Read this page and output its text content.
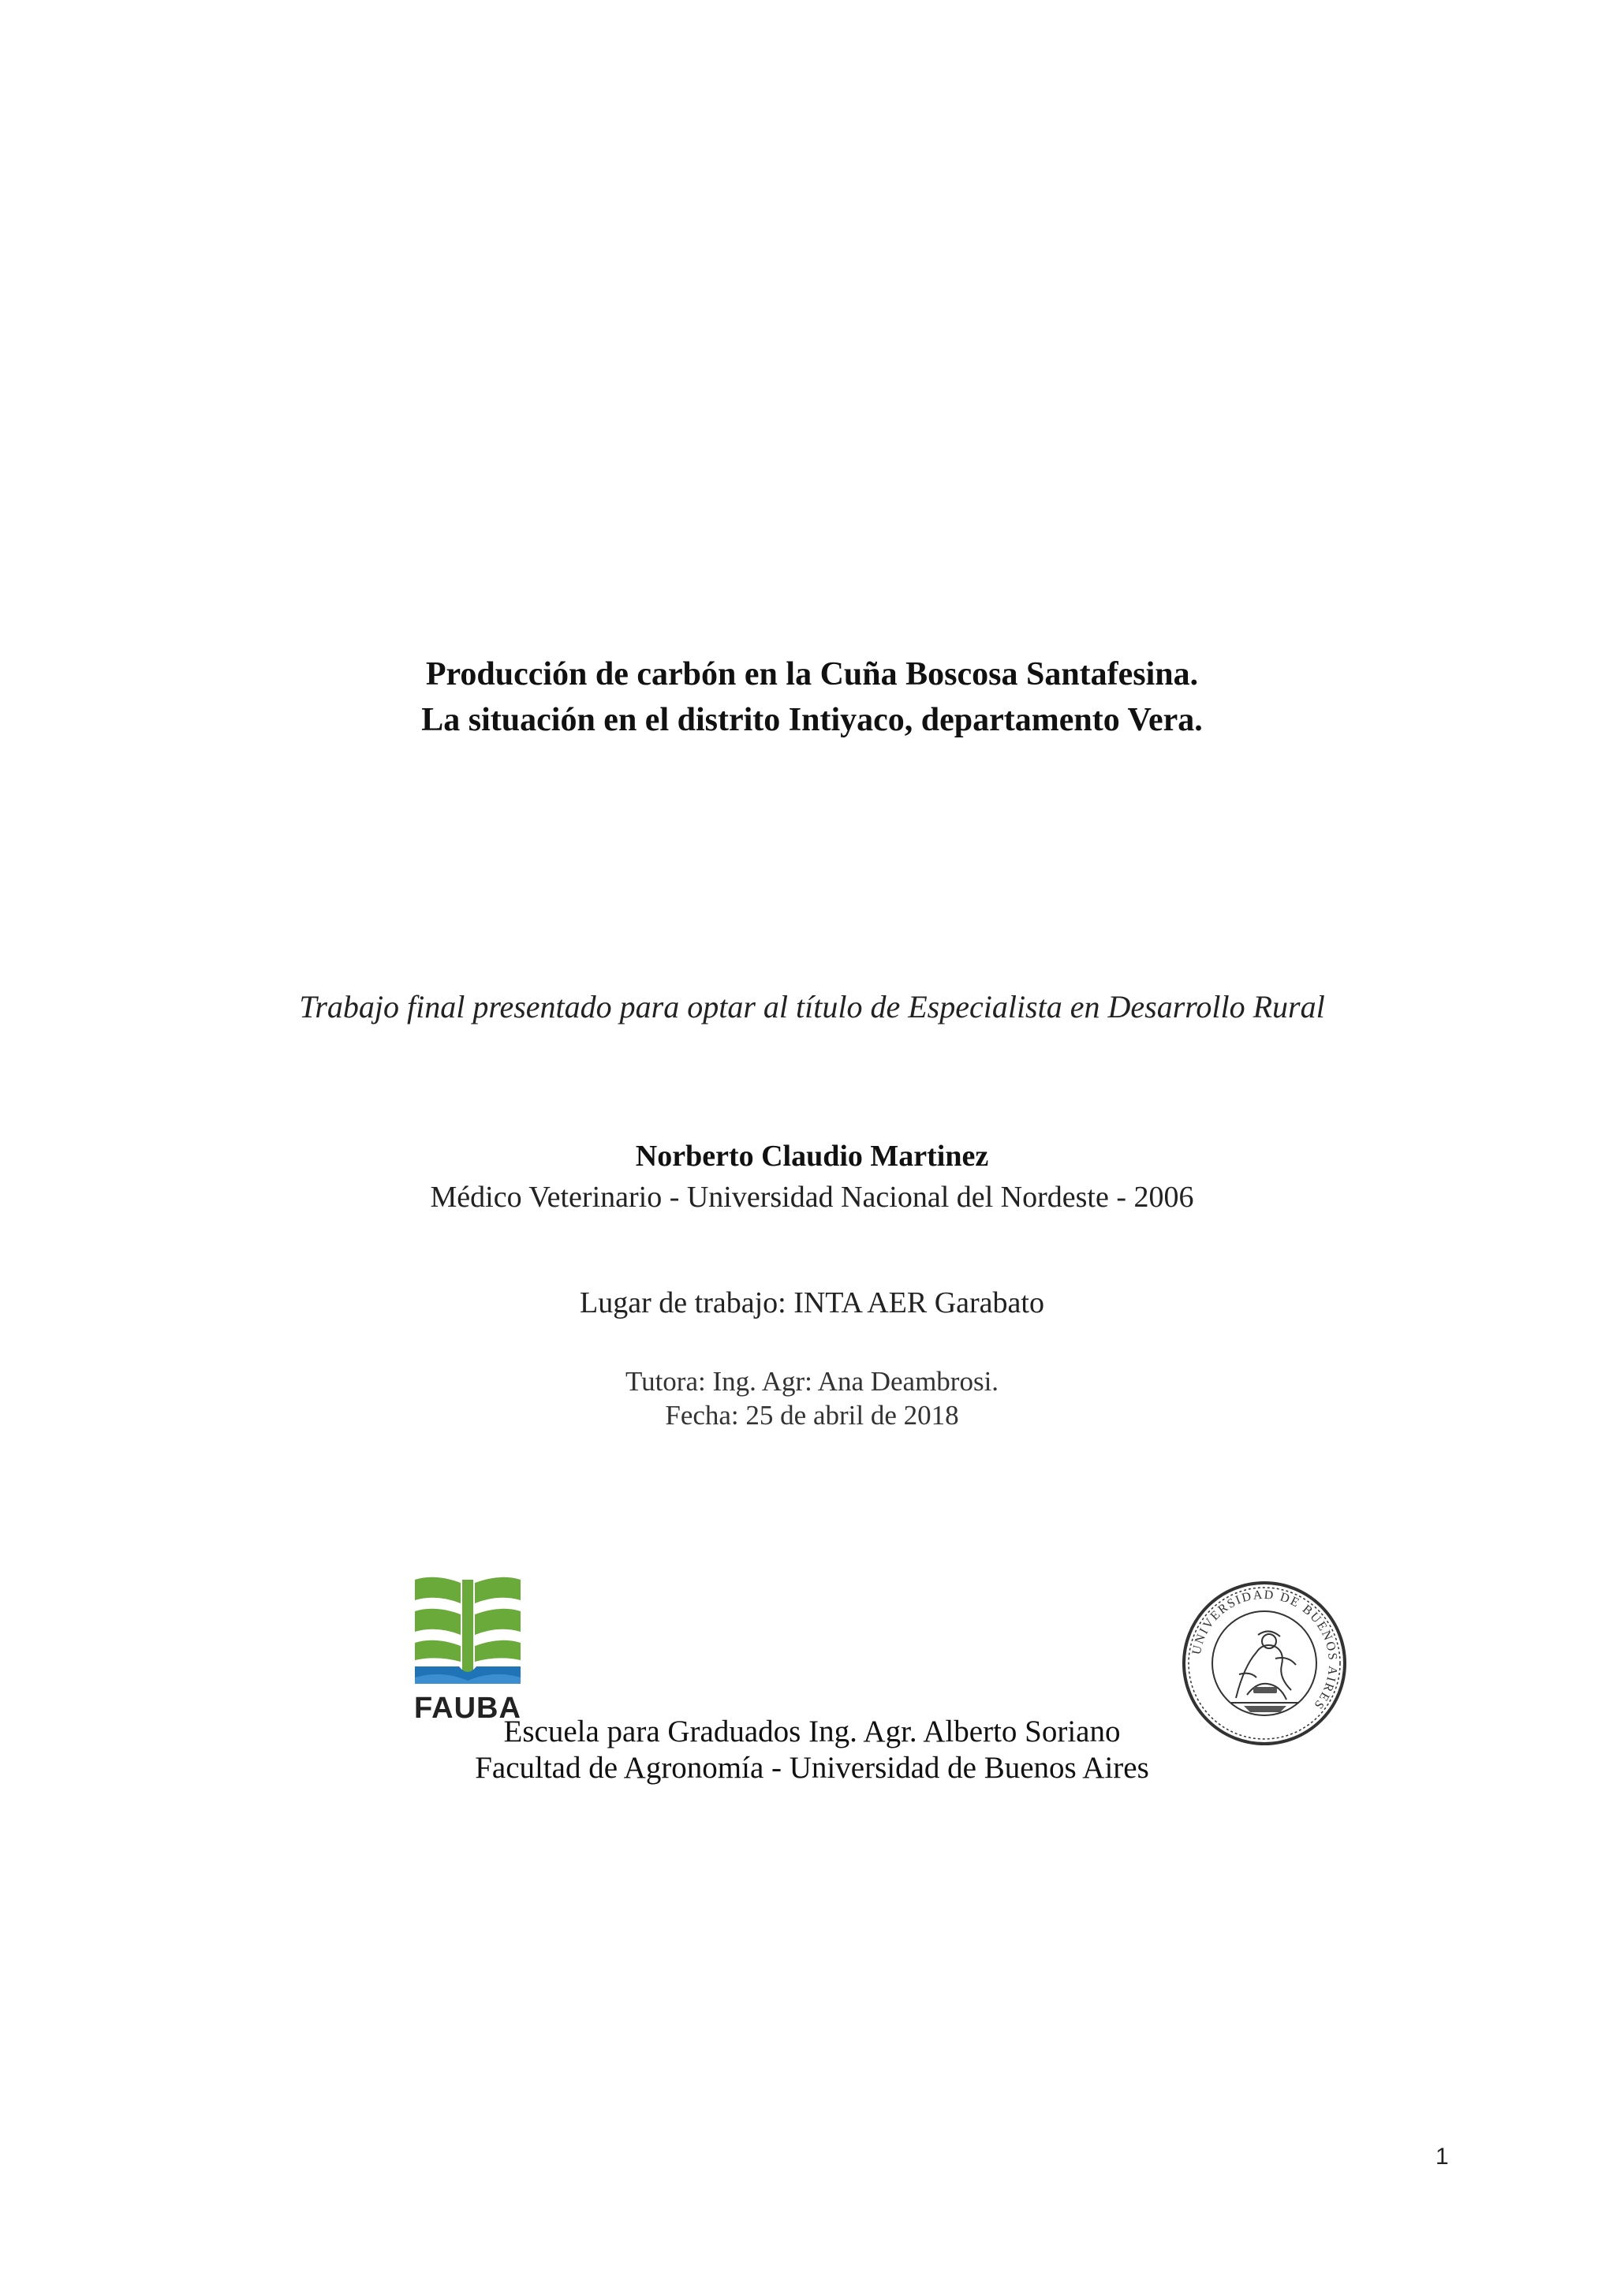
Producción de carbón en la Cuña Boscosa Santafesina.
La situación en el distrito Intiyaco, departamento Vera.
Trabajo final presentado para optar al título de Especialista en Desarrollo Rural
Norberto Claudio Martinez
Médico Veterinario - Universidad Nacional del Nordeste - 2006
Lugar de trabajo: INTA AER Garabato
Tutora: Ing. Agr: Ana Deambrosi.
Fecha: 25 de abril de 2018
FAUBA
UNIVERSIDAD DE BUENOS AIRES
Escuela para Graduados Ing. Agr. Alberto Soriano
Facultad de Agronomía - Universidad de Buenos Aires
1
